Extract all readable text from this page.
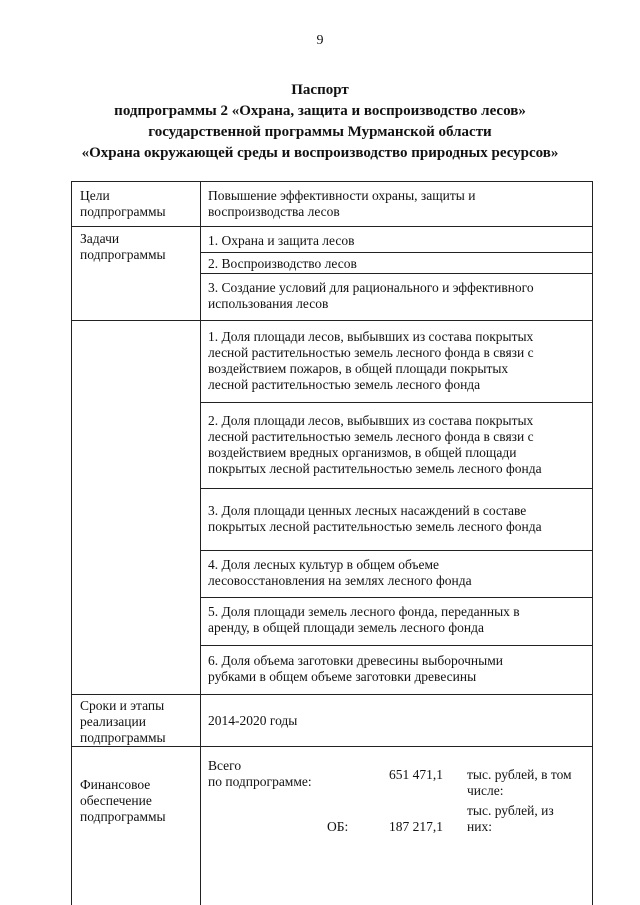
9
Паспорт
подпрограммы 2 «Охрана, защита и воспроизводство лесов»
государственной программы Мурманской области
«Охрана окружающей среды и воспроизводство природных ресурсов»
Цели
подпрограммы
Повышение эффективности охраны, защиты и
воспроизводства лесов
Задачи
подпрограммы
1. Охрана и защита лесов
2. Воспроизводство лесов
3. Создание условий для рационального и эффективного
использования лесов
1. Доля площади лесов, выбывших из состава покрытых
лесной растительностью земель лесного фонда в связи с
воздействием пожаров, в общей площади покрытых
лесной растительностью земель лесного фонда
2. Доля площади лесов, выбывших из состава покрытых
лесной растительностью земель лесного фонда в связи с
воздействием вредных организмов, в общей площади
покрытых лесной растительностью земель лесного фонда
3. Доля площади ценных лесных насаждений в составе
покрытых лесной растительностью земель лесного фонда
4. Доля лесных культур в общем объеме
лесовосстановления на землях лесного фонда
5. Доля площади земель лесного фонда, переданных в
аренду, в общей площади земель лесного фонда
6. Доля объема заготовки древесины выборочными
рубками в общем объеме заготовки древесины
Сроки и этапы
реализации
подпрограммы
2014-2020 годы
Финансовое
обеспечение
подпрограммы
Всего
по подпрограмме:	651 471,1 тыс. рублей, в том
числе:
ОБ:	187 217,1
тыс. рублей, из
них:
